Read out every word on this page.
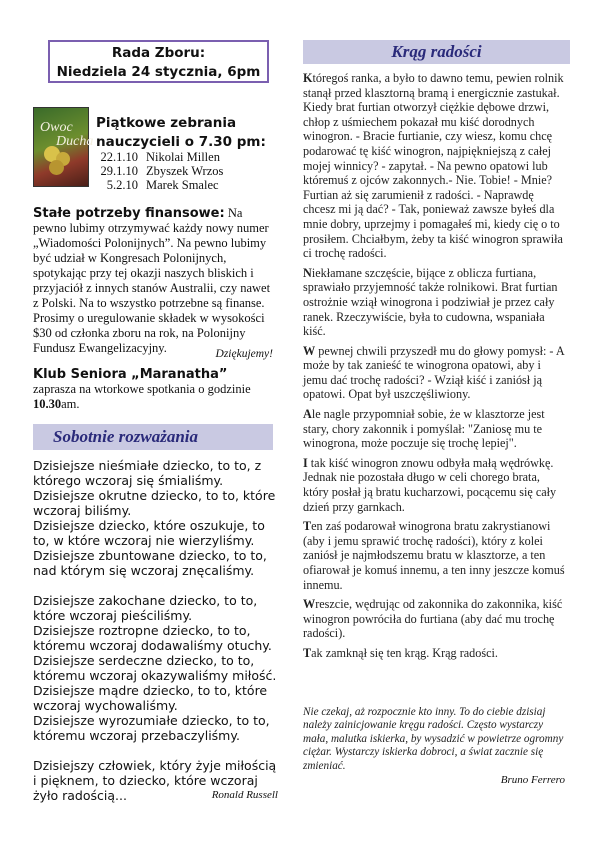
Rada Zboru:
Niedziela 24 stycznia, 6pm
Owoc
Ducha
Piątkowe zebrania
nauczycieli o 7.30 pm:
22.1.10 Nikolai Millen
29.1.10 Zbyszek Wrzos
5.2.10 Marek Smalec
Stałe potrzeby finansowe: Na pewno lubimy otrzymywać każdy nowy numer „Wiadomości Polonijnych”. Na pewno lubimy być udział w Kongresach Polonijnych, spotykając przy tej okazji naszych bliskich i przyjaciół z innych stanów Australii, czy nawet z Polski. Na to wszystko potrzebne są finanse. Prosimy o uregulowanie składek w wysokości $30 od członka zboru na rok, na Polonijny Fundusz Ewangelizacyjny.	Dziękujemy!
Klub Seniora „Maranatha” zaprasza na wtorkowe spotkania o godzinie 10.30am.
Sobotnie rozważania

Dzisiejsze nieśmiałe dziecko, to to, z którego wczoraj się śmialiśmy.

Dzisiejsze okrutne dziecko, to to, które wczoraj biliśmy.

Dzisiejsze dziecko, które oszukuje, to to, w które wczoraj nie wierzyliśmy.

Dzisiejsze zbuntowane dziecko, to to, nad którym się wczoraj znęcaliśmy.

Dzisiejsze zakochane dziecko, to to, które wczoraj pieściliśmy.

Dzisiejsze roztropne dziecko, to to, któremu wczoraj dodawaliśmy otuchy.

Dzisiejsze serdeczne dziecko, to to, któremu wczoraj okazywaliśmy miłość.

Dzisiejsze mądre dziecko, to to, które wczoraj wychowaliśmy.

Dzisiejsze wyrozumiałe dziecko, to to, któremu wczoraj przebaczyliśmy.

Dzisiejszy człowiek, który żyje miłością i pięknem, to dziecko, które wczoraj żyło radością...	Ronald Russell

Krąg radości

Któregoś ranka, a było to dawno temu, pewien rolnik stanął przed klasztorną bramą i energicznie zastukał. Kiedy brat furtian otworzył ciężkie dębowe drzwi, chłop z uśmiechem pokazał mu kiść dorodnych winogron. - Bracie furtianie, czy wiesz, komu chcę podarować tę kiść winogron, najpiękniejszą z całej mojej winnicy? - zapytał. - Na pewno opatowi lub któremuś z ojców zakonnych.- Nie. Tobie! - Mnie? Furtian aż się zarumienił z radości. - Naprawdę chcesz mi ją dać? - Tak, ponieważ zawsze byłeś dla mnie dobry, uprzejmy i pomagałeś mi, kiedy cię o to prosiłem. Chciałbym, żeby ta kiść winogron sprawiła ci trochę radości.

Niekłamane szczęście, bijące z oblicza furtiana, sprawiało przyjemność także rolnikowi. Brat furtian ostrożnie wziął winogrona i podziwiał je przez cały ranek. Rzeczywiście, była to cudowna, wspaniała kiść.

W pewnej chwili przyszedł mu do głowy pomysł: - A może by tak zanieść te winogrona opatowi, aby i jemu dać trochę radości? - Wziął kiść i zaniósł ją opatowi. Opat był uszczęśliwiony.

Ale nagle przypomniał sobie, że w klasztorze jest stary, chory zakonnik i pomyślał: "Zaniosę mu te winogrona, może poczuje się trochę lepiej".

I tak kiść winogron znowu odbyła małą wędrówkę. Jednak nie pozostała długo w celi chorego brata, który posłał ją bratu kucharzowi, pocącemu się cały dzień przy garnkach.

Ten zaś podarował winogrona bratu zakrystianowi (aby i jemu sprawić trochę radości), który z kolei zaniósł je najmłodszemu bratu w klasztorze, a ten ofiarował je komuś innemu, a ten inny jeszcze komuś innemu.

Wreszcie, wędrując od zakonnika do zakonnika, kiść winogron powróciła do furtiana (aby dać mu trochę radości).

Tak zamknął się ten krąg. Krąg radości.

Nie czekaj, aż rozpocznie kto inny. To do ciebie dzisiaj należy zainicjowanie kręgu radości. Często wystarczy mała, malutka iskierka, by wysadzić w powietrze ogromny ciężar. Wystarczy iskierka dobroci, a świat zacznie się zmieniać.
Bruno Ferrero
